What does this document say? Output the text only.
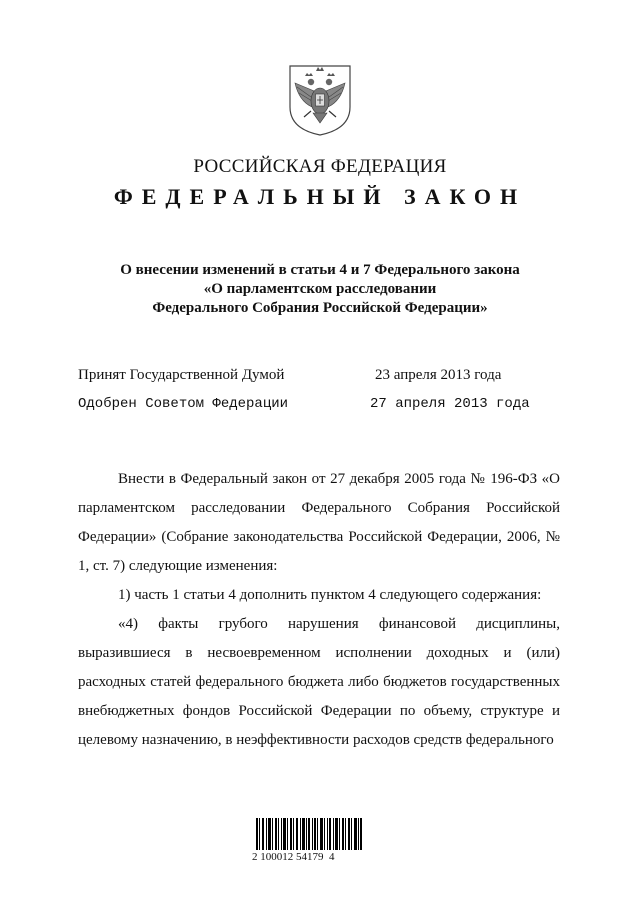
РОССИЙСКАЯ ФЕДЕРАЦИЯ
ФЕДЕРАЛЬНЫЙ ЗАКОН
О внесении изменений в статьи 4 и 7 Федерального закона
«О парламентском расследовании
Федерального Собрания Российской Федерации»
Принят Государственной Думой	23 апреля 2013 года
Одобрен Советом Федерации	27 апреля 2013 года
Внести в Федеральный закон от 27 декабря 2005 года № 196-ФЗ «О парламентском расследовании Федерального Собрания Российской Федерации» (Собрание законодательства Российской Федерации, 2006, № 1, ст. 7) следующие изменения:
1) часть 1 статьи 4 дополнить пунктом 4 следующего содержания:
«4) факты грубого нарушения финансовой дисциплины, выразившиеся в несвоевременном исполнении доходных и (или) расходных статей федерального бюджета либо бюджетов государственных внебюджетных фондов Российской Федерации по объему, структуре и целевому назначению, в неэффективности расходов средств федерального
2 100012 54179  4
